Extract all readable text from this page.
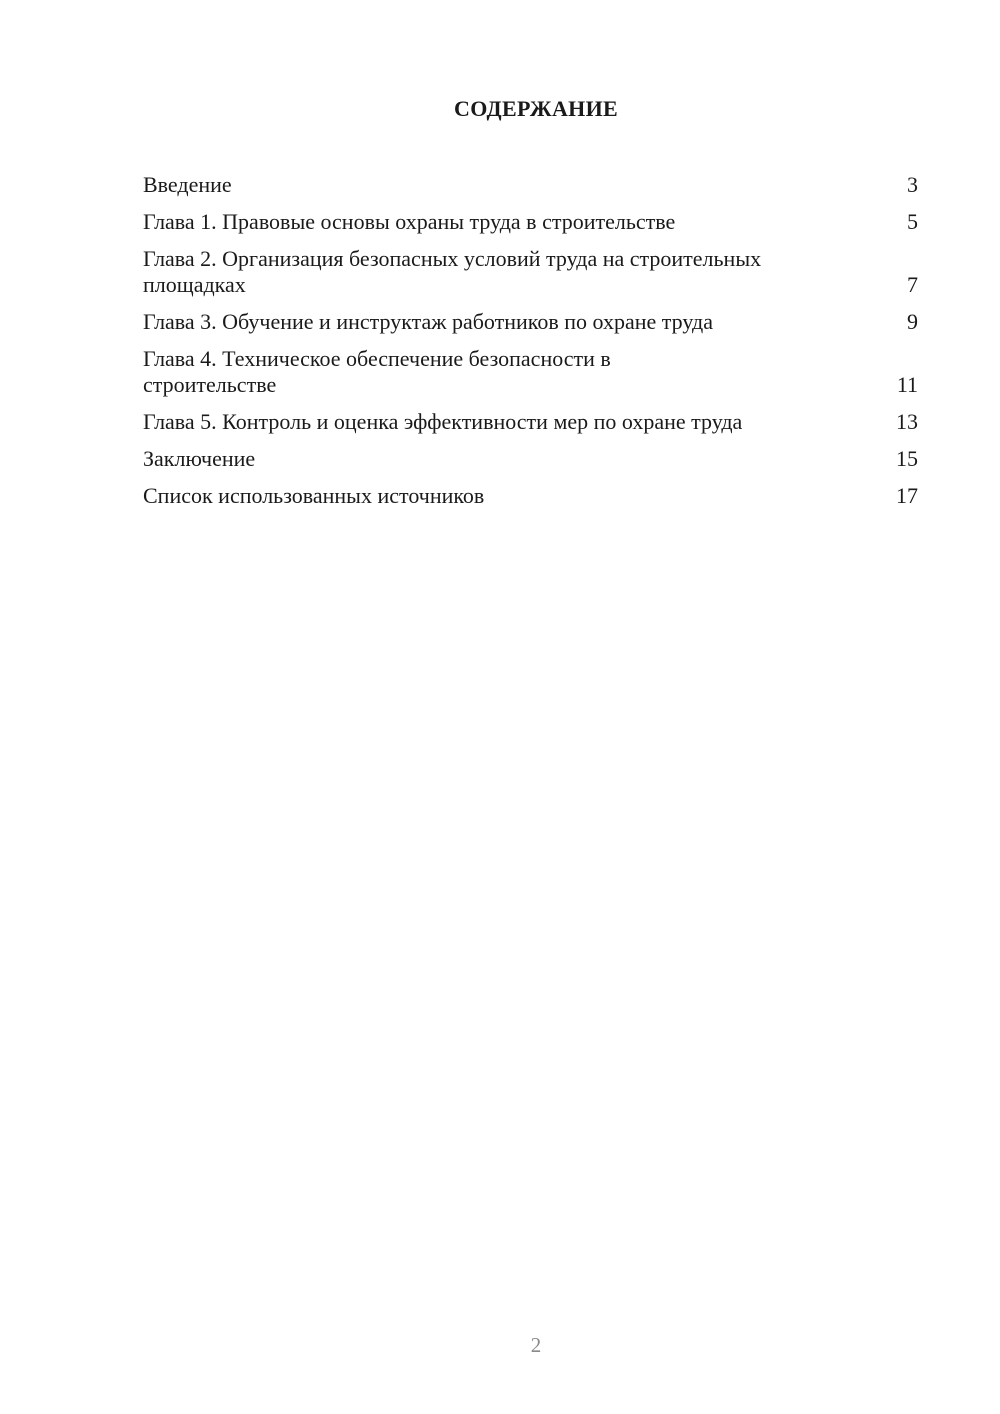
СОДЕРЖАНИЕ
Введение	3
Глава 1. Правовые основы охраны труда в строительстве	5
Глава 2. Организация безопасных условий труда на строительных площадках	7
Глава 3. Обучение и инструктаж работников по охране труда	9
Глава 4. Техническое обеспечение безопасности в строительстве	11
Глава 5. Контроль и оценка эффективности мер по охране труда	13
Заключение	15
Список использованных источников	17
2
